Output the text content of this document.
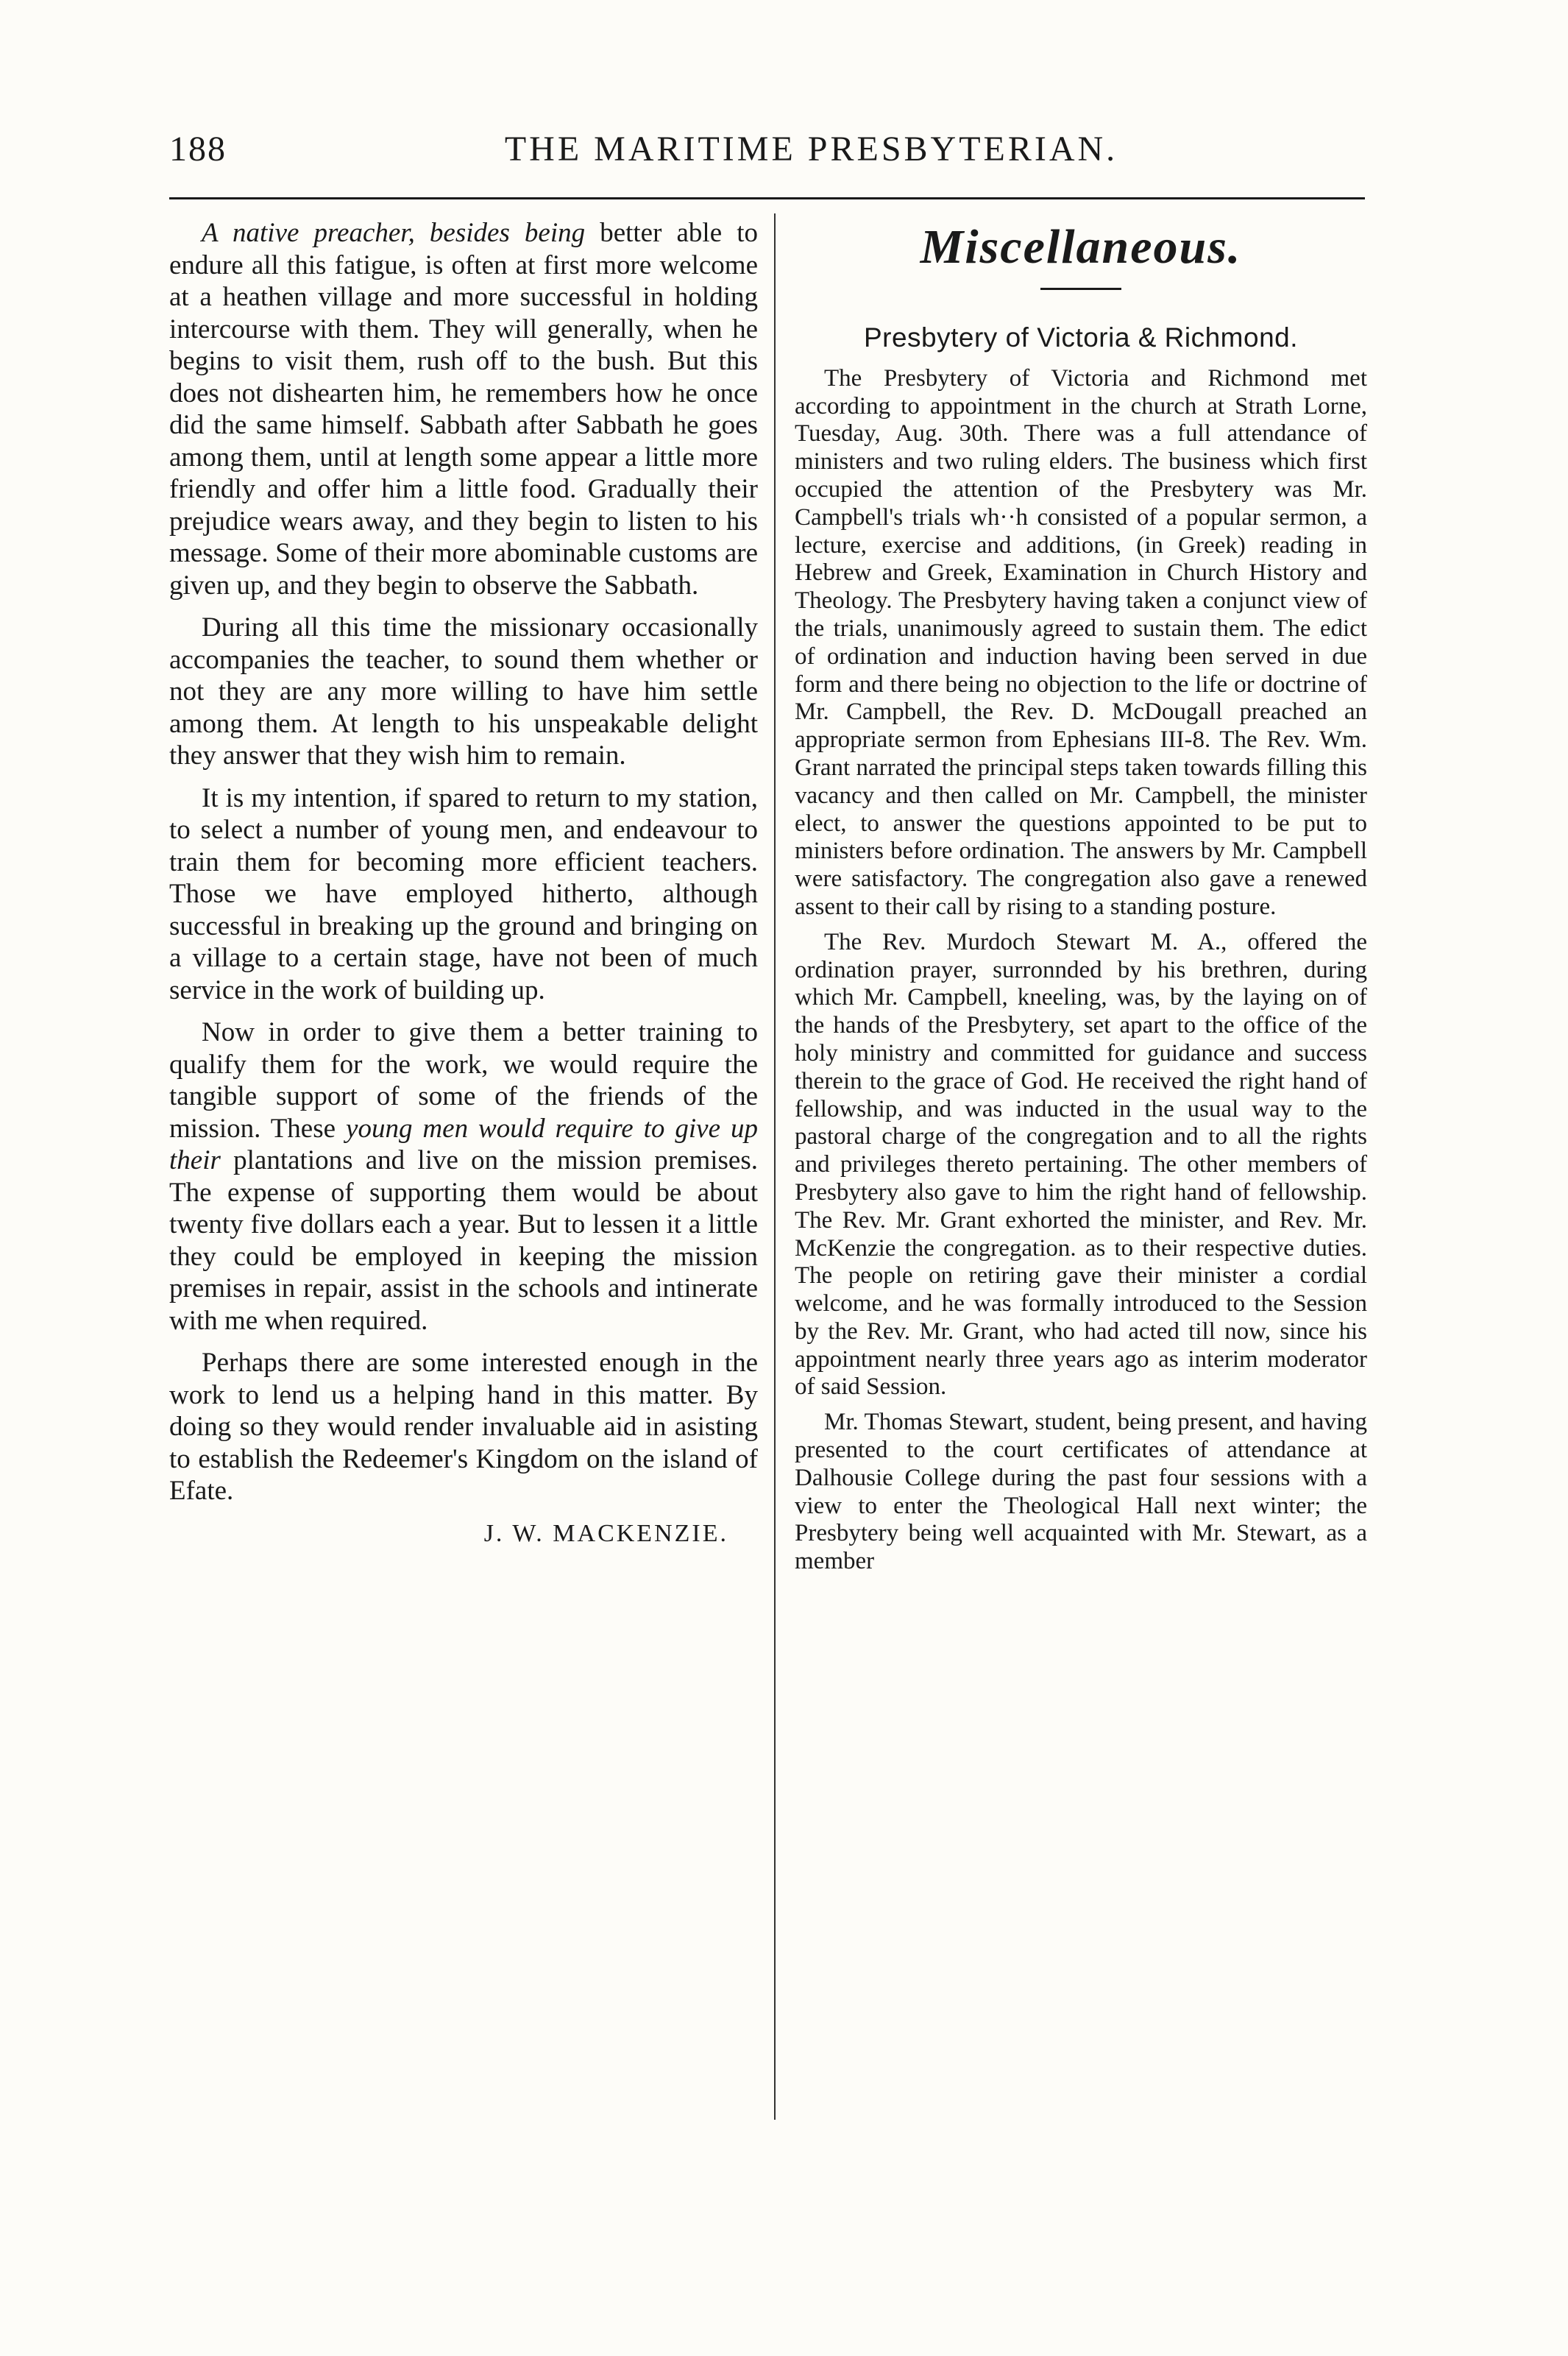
188	THE MARITIME PRESBYTERIAN.

A native preacher, besides being better able to endure all this fatigue, is often at first more welcome at a heathen village and more successful in holding intercourse with them. They will generally, when he begins to visit them, rush off to the bush. But this does not dishearten him, he remembers how he once did the same himself. Sabbath after Sabbath he goes among them, until at length some appear a little more friendly and offer him a little food. Gradually their prejudice wears away, and they begin to listen to his message. Some of their more abominable customs are given up, and they begin to observe the Sabbath.

During all this time the missionary occasionally accompanies the teacher, to sound them whether or not they are any more willing to have him settle among them. At length to his unspeakable delight they answer that they wish him to remain.

It is my intention, if spared to return to my station, to select a number of young men, and endeavour to train them for becoming more efficient teachers. Those we have employed hitherto, although successful in breaking up the ground and bringing on a village to a certain stage, have not been of much service in the work of building up.

Now in order to give them a better training to qualify them for the work, we would require the tangible support of some of the friends of the mission. These young men would require to give up their plantations and live on the mission premises. The expense of supporting them would be about twenty five dollars each a year. But to lessen it a little they could be employed in keeping the mission premises in repair, assist in the schools and intinerate with me when required.

Perhaps there are some interested enough in the work to lend us a helping hand in this matter. By doing so they would render invaluable aid in asisting to establish the Redeemer's Kingdom on the island of Efate.

J. W. MACKENZIE.
Miscellaneous.
Presbytery of Victoria & Richmond.

The Presbytery of Victoria and Richmond met according to appointment in the church at Strath Lorne, Tuesday, Aug. 30th. There was a full attendance of ministers and two ruling elders. The business which first occupied the attention of the Presbytery was Mr. Campbell's trials wh··h consisted of a popular sermon, a lecture, exercise and additions, (in Greek) reading in Hebrew and Greek, Examination in Church History and Theology. The Presbytery having taken a conjunct view of the trials, unanimously agreed to sustain them. The edict of ordination and induction having been served in due form and there being no objection to the life or doctrine of Mr. Campbell, the Rev. D. McDougall preached an appropriate sermon from Ephesians III-8. The Rev. Wm. Grant narrated the principal steps taken towards filling this vacancy and then called on Mr. Campbell, the minister elect, to answer the questions appointed to be put to ministers before ordination. The answers by Mr. Campbell were satisfactory. The congregation also gave a renewed assent to their call by rising to a standing posture.

The Rev. Murdoch Stewart M. A., offered the ordination prayer, surronnded by his brethren, during which Mr. Campbell, kneeling, was, by the laying on of the hands of the Presbytery, set apart to the office of the holy ministry and committed for guidance and success therein to the grace of God. He received the right hand of fellowship, and was inducted in the usual way to the pastoral charge of the congregation and to all the rights and privileges thereto pertaining. The other members of Presbytery also gave to him the right hand of fellowship. The Rev. Mr. Grant exhorted the minister, and Rev. Mr. McKenzie the congregation. as to their respective duties. The people on retiring gave their minister a cordial welcome, and he was formally introduced to the Session by the Rev. Mr. Grant, who had acted till now, since his appointment nearly three years ago as interim moderator of said Session.

Mr. Thomas Stewart, student, being present, and having presented to the court certificates of attendance at Dalhousie College during the past four sessions with a view to enter the Theological Hall next winter; the Presbytery being well acquainted with Mr. Stewart, as a member
